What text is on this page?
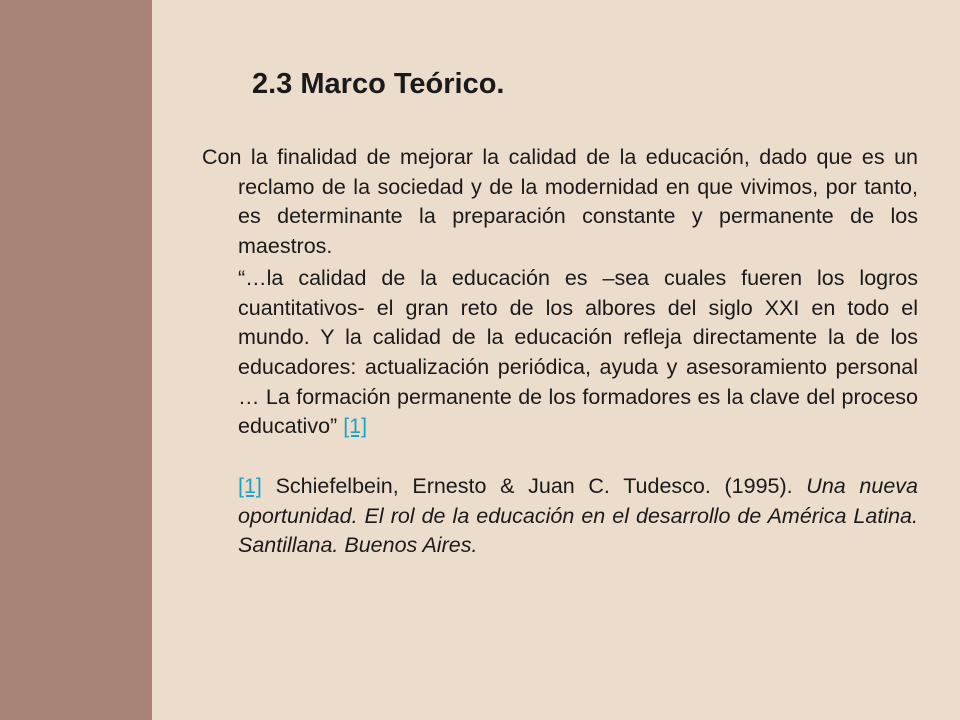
2.3 Marco Teórico.

Con la finalidad de mejorar la calidad de la educación, dado que es un reclamo de la sociedad y de la modernidad en que vivimos, por tanto, es determinante la preparación constante y permanente de los maestros.

“…la calidad de la educación es –sea cuales fueren los logros cuantitativos- el gran reto de los albores del siglo XXI en todo el mundo. Y la calidad de la educación refleja directamente la de los educadores: actualización periódica, ayuda y asesoramiento personal … La formación permanente de los formadores es la clave del proceso educativo” [1]

[1] Schiefelbein, Ernesto & Juan C. Tudesco. (1995). Una nueva oportunidad. El rol de la educación en el desarrollo de América Latina. Santillana. Buenos Aires.
